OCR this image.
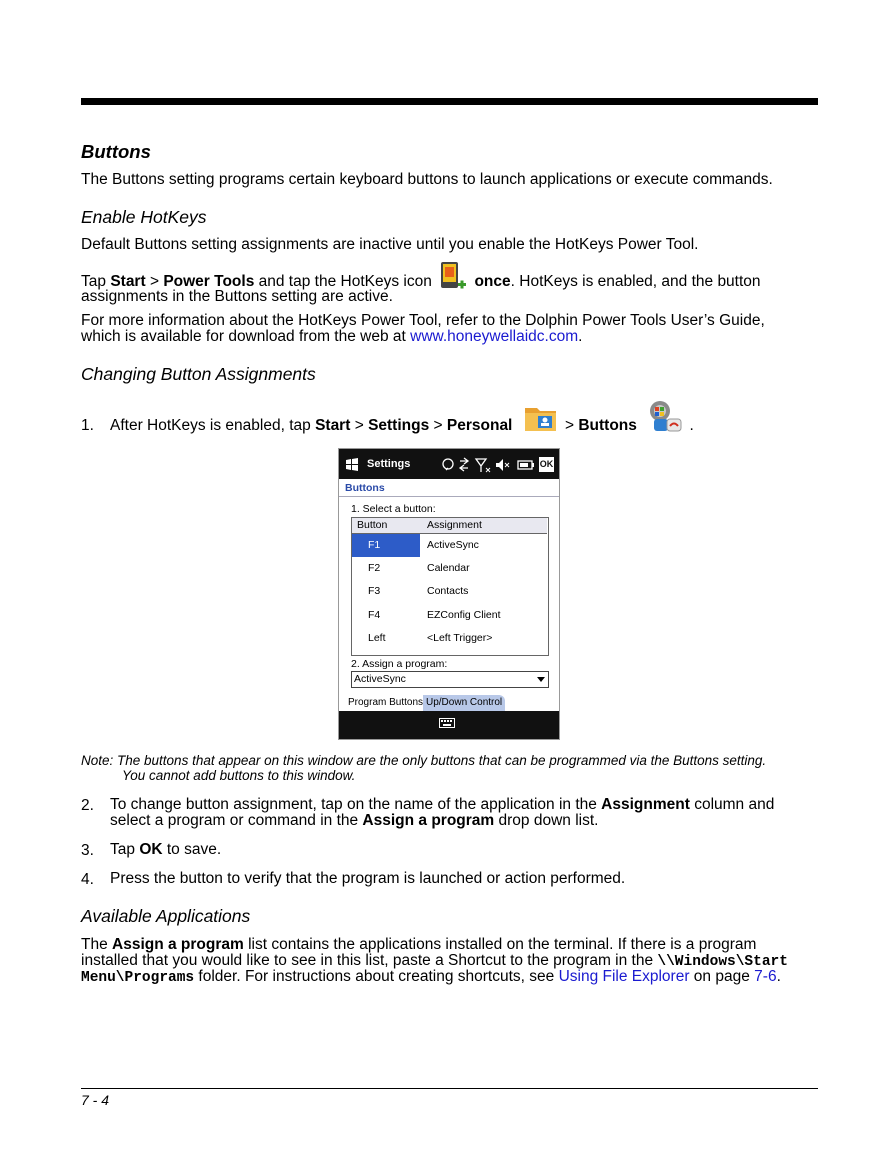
Buttons
The Buttons setting programs certain keyboard buttons to launch applications or execute commands.
Enable HotKeys
Default Buttons setting assignments are inactive until you enable the HotKeys Power Tool.
Tap Start > Power Tools and tap the HotKeys icon
once. HotKeys is enabled, and the button
assignments in the Buttons setting are active.
For more information about the HotKeys Power Tool, refer to the Dolphin Power Tools User’s Guide,
which is available for download from the web at www.honeywellaidc.com.
Changing Button Assignments
1. After HotKeys is enabled, tap Start > Settings > Personal	> Buttons	.
Settings	OK
Buttons
1. Select a button:
Button	Assignment
F1	ActiveSync
F2	Calendar
F3	Contacts
F4	EZConfig Client
Left	<Left Trigger>
2. Assign a program:
ActiveSync
Program Buttons Up/Down Control
Note: The buttons that appear on this window are the only buttons that can be programmed via the Buttons setting.
You cannot add buttons to this window.
2. To change button assignment, tap on the name of the application in the Assignment column and
select a program or command in the Assign a program drop down list.
3. Tap OK to save.
4. Press the button to verify that the program is launched or action performed.
Available Applications
The Assign a program list contains the applications installed on the terminal. If there is a program
installed that you would like to see in this list, paste a Shortcut to the program in the \\Windows\Start
Menu\Programs folder. For instructions about creating shortcuts, see Using File Explorer on page 7-6.
7 - 4
